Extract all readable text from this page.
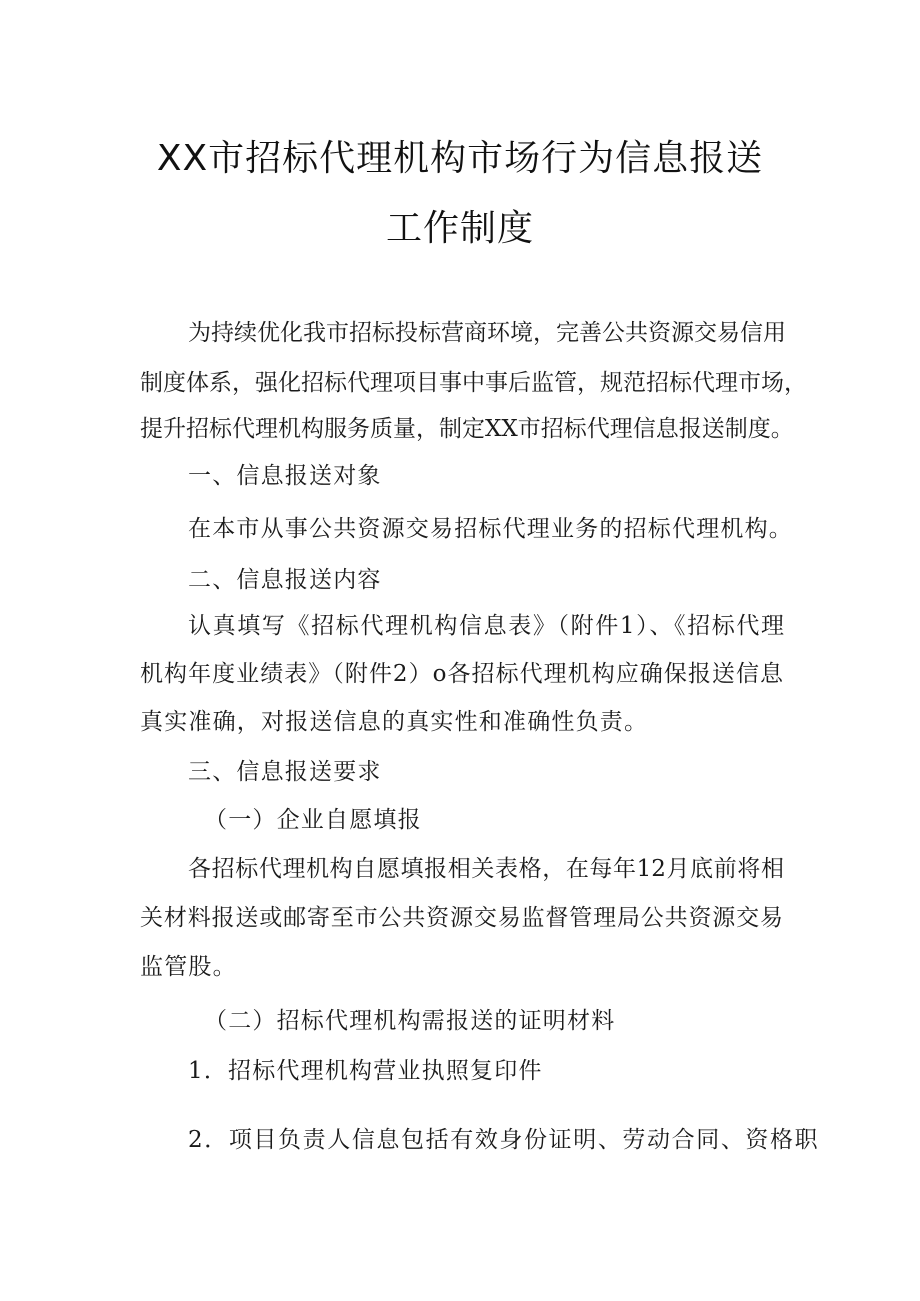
XX市招标代理机构市场行为信息报送
工作制度
为持续优化我市招标投标营商环境，完善公共资源交易信用
制度体系，强化招标代理项目事中事后监管，规范招标代理市场，
提升招标代理机构服务质量，制定XX市招标代理信息报送制度。
一、信息报送对象
在本市从事公共资源交易招标代理业务的招标代理机构。
二、信息报送内容
认真填写《招标代理机构信息表》（附件1）、《招标代理
机构年度业绩表》（附件2）o各招标代理机构应确保报送信息
真实准确，对报送信息的真实性和准确性负责。
三、信息报送要求
（一）企业自愿填报
各招标代理机构自愿填报相关表格，在每年12月底前将相
关材料报送或邮寄至市公共资源交易监督管理局公共资源交易
监管股。
（二）招标代理机构需报送的证明材料
1．招标代理机构营业执照复印件
2．项目负责人信息包括有效身份证明、劳动合同、资格职
